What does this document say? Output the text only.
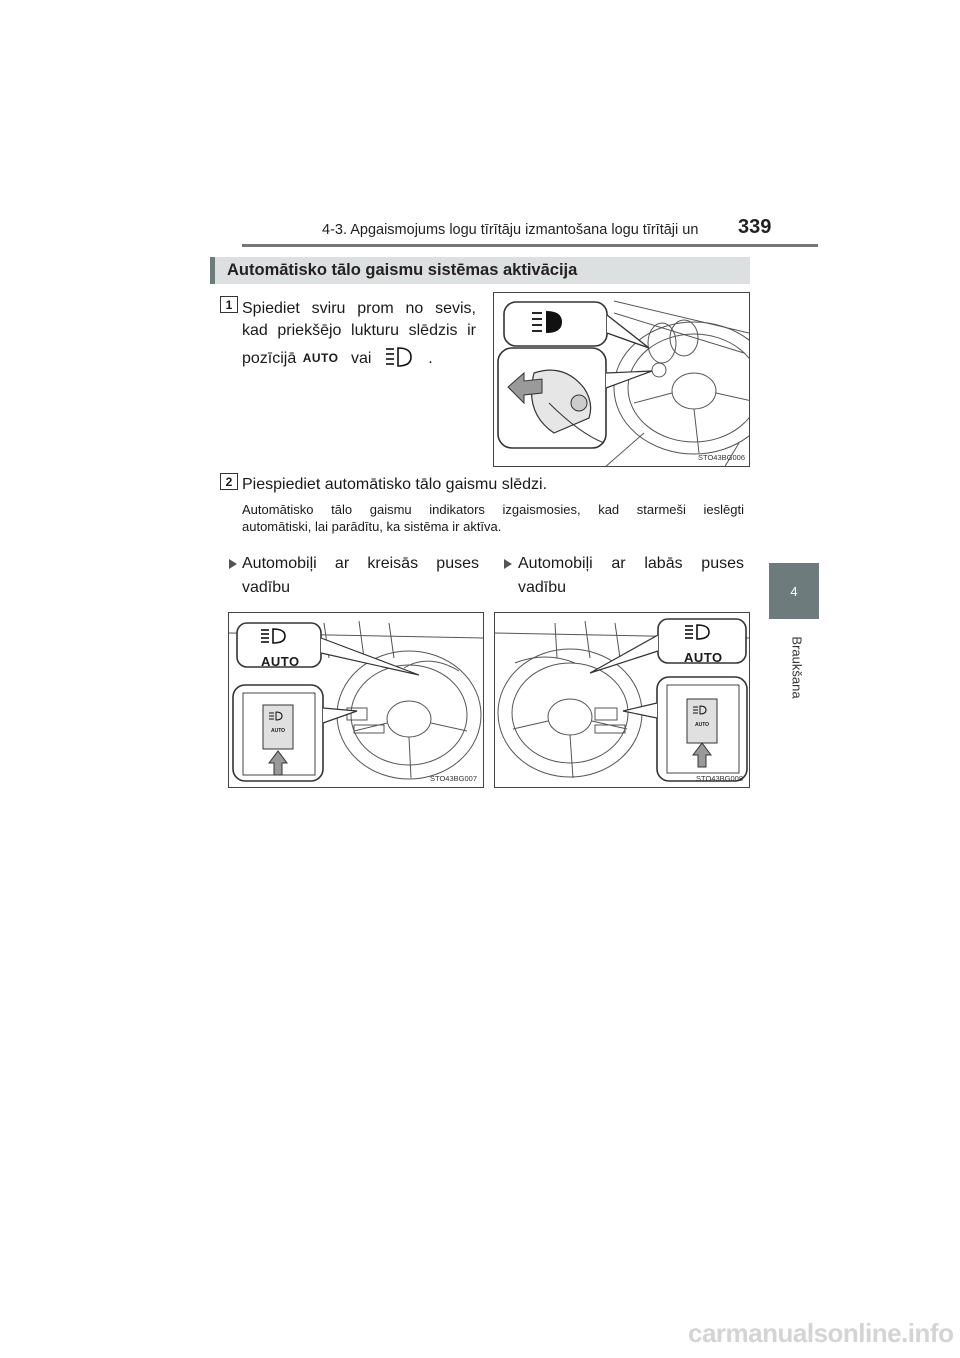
4-3. Apgaismojums logu tīrītāju izmantošana logu tīrītāji un 339
4
Braukšana
Automātisko tālo gaismu sistēmas aktivācija
1 Spiediet sviru prom no sevis,
kad priekšējo lukturu slēdzis ir
pozīcijā AUTO vai	.
STO43BG006
2 Piespiediet automātisko tālo gaismu slēdzi.
Automātisko tālo gaismu indikators izgaismosies, kad starmeši ieslēgti
automātiski, lai parādītu, ka sistēma ir aktīva.
Automobiļi ar kreisās puses
vadību
Automobiļi ar labās puses
vadību
AUTO
AUTO
STO43BG007
AUTO
AUTO
STO43BG008
carmanualsonline.info
